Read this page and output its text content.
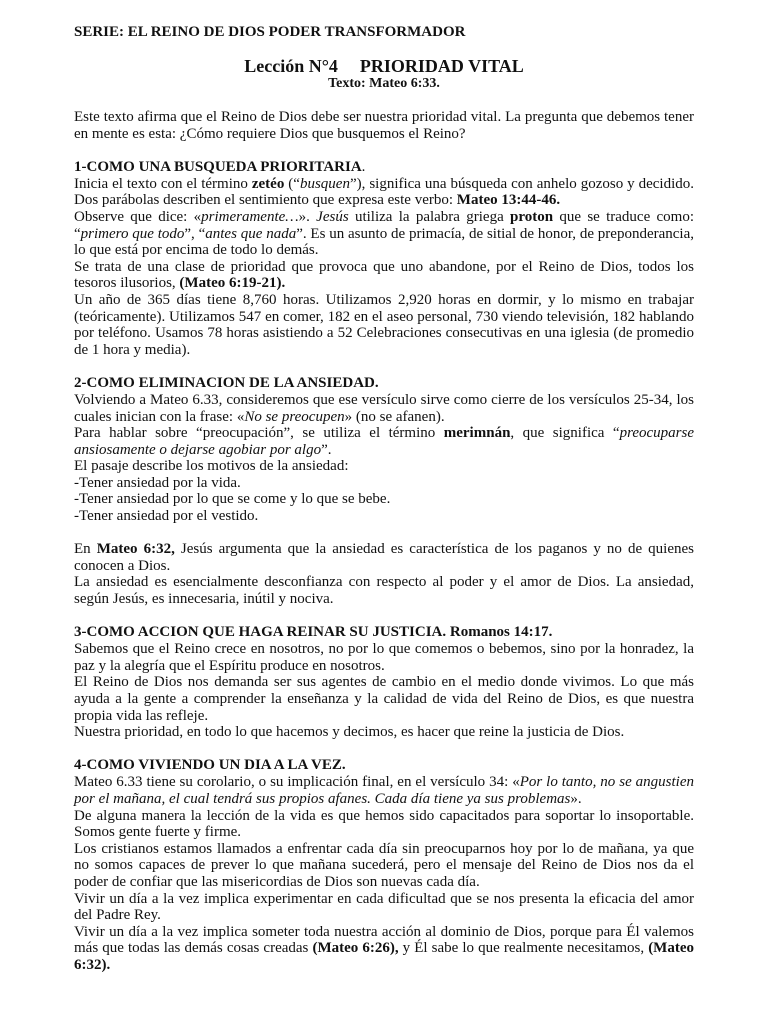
SERIE: EL REINO DE DIOS PODER TRANSFORMADOR

Lección N°4 PRIORIDAD VITAL
Texto: Mateo 6:33.

Este texto afirma que el Reino de Dios debe ser nuestra prioridad vital. La pregunta que debemos tener en mente es esta: ¿Cómo requiere Dios que busquemos el Reino?

1-COMO UNA BUSQUEDA PRIORITARIA.

Inicia el texto con el término zetéo (“busquen”), significa una búsqueda con anhelo gozoso y decidido. Dos parábolas describen el sentimiento que expresa este verbo: Mateo 13:44-46.

Observe que dice: «primeramente…». Jesús utiliza la palabra griega proton que se traduce como: “primero que todo”, “antes que nada”. Es un asunto de primacía, de sitial de honor, de preponderancia, lo que está por encima de todo lo demás.

Se trata de una clase de prioridad que provoca que uno abandone, por el Reino de Dios, todos los tesoros ilusorios, (Mateo 6:19-21).

Un año de 365 días tiene 8,760 horas. Utilizamos 2,920 horas en dormir, y lo mismo en trabajar (teóricamente). Utilizamos 547 en comer, 182 en el aseo personal, 730 viendo televisión, 182 hablando por teléfono. Usamos 78 horas asistiendo a 52 Celebraciones consecutivas en una iglesia (de promedio de 1 hora y media).

2-COMO ELIMINACION DE LA ANSIEDAD.

Volviendo a Mateo 6.33, consideremos que ese versículo sirve como cierre de los versículos 25-34, los cuales inician con la frase: «No se preocupen» (no se afanen).

Para hablar sobre “preocupación”, se utiliza el término merimnán, que significa “preocuparse ansiosamente o dejarse agobiar por algo”.

El pasaje describe los motivos de la ansiedad:

-Tener ansiedad por la vida.

-Tener ansiedad por lo que se come y lo que se bebe.

-Tener ansiedad por el vestido.

En Mateo 6:32, Jesús argumenta que la ansiedad es característica de los paganos y no de quienes conocen a Dios.

La ansiedad es esencialmente desconfianza con respecto al poder y el amor de Dios. La ansiedad, según Jesús, es innecesaria, inútil y nociva.

3-COMO ACCION QUE HAGA REINAR SU JUSTICIA. Romanos 14:17.

Sabemos que el Reino crece en nosotros, no por lo que comemos o bebemos, sino por la honradez, la paz y la alegría que el Espíritu produce en nosotros.

El Reino de Dios nos demanda ser sus agentes de cambio en el medio donde vivimos. Lo que más ayuda a la gente a comprender la enseñanza y la calidad de vida del Reino de Dios, es que nuestra propia vida las refleje.

Nuestra prioridad, en todo lo que hacemos y decimos, es hacer que reine la justicia de Dios.

4-COMO VIVIENDO UN DIA A LA VEZ.

Mateo 6.33 tiene su corolario, o su implicación final, en el versículo 34: «Por lo tanto, no se angustien por el mañana, el cual tendrá sus propios afanes. Cada día tiene ya sus problemas».

De alguna manera la lección de la vida es que hemos sido capacitados para soportar lo insoportable. Somos gente fuerte y firme.

Los cristianos estamos llamados a enfrentar cada día sin preocuparnos hoy por lo de mañana, ya que no somos capaces de prever lo que mañana sucederá, pero el mensaje del Reino de Dios nos da el poder de confiar que las misericordias de Dios son nuevas cada día.

Vivir un día a la vez implica experimentar en cada dificultad que se nos presenta la eficacia del amor del Padre Rey.

Vivir un día a la vez implica someter toda nuestra acción al dominio de Dios, porque para Él valemos más que todas las demás cosas creadas (Mateo 6:26), y Él sabe lo que realmente necesitamos, (Mateo 6:32).
